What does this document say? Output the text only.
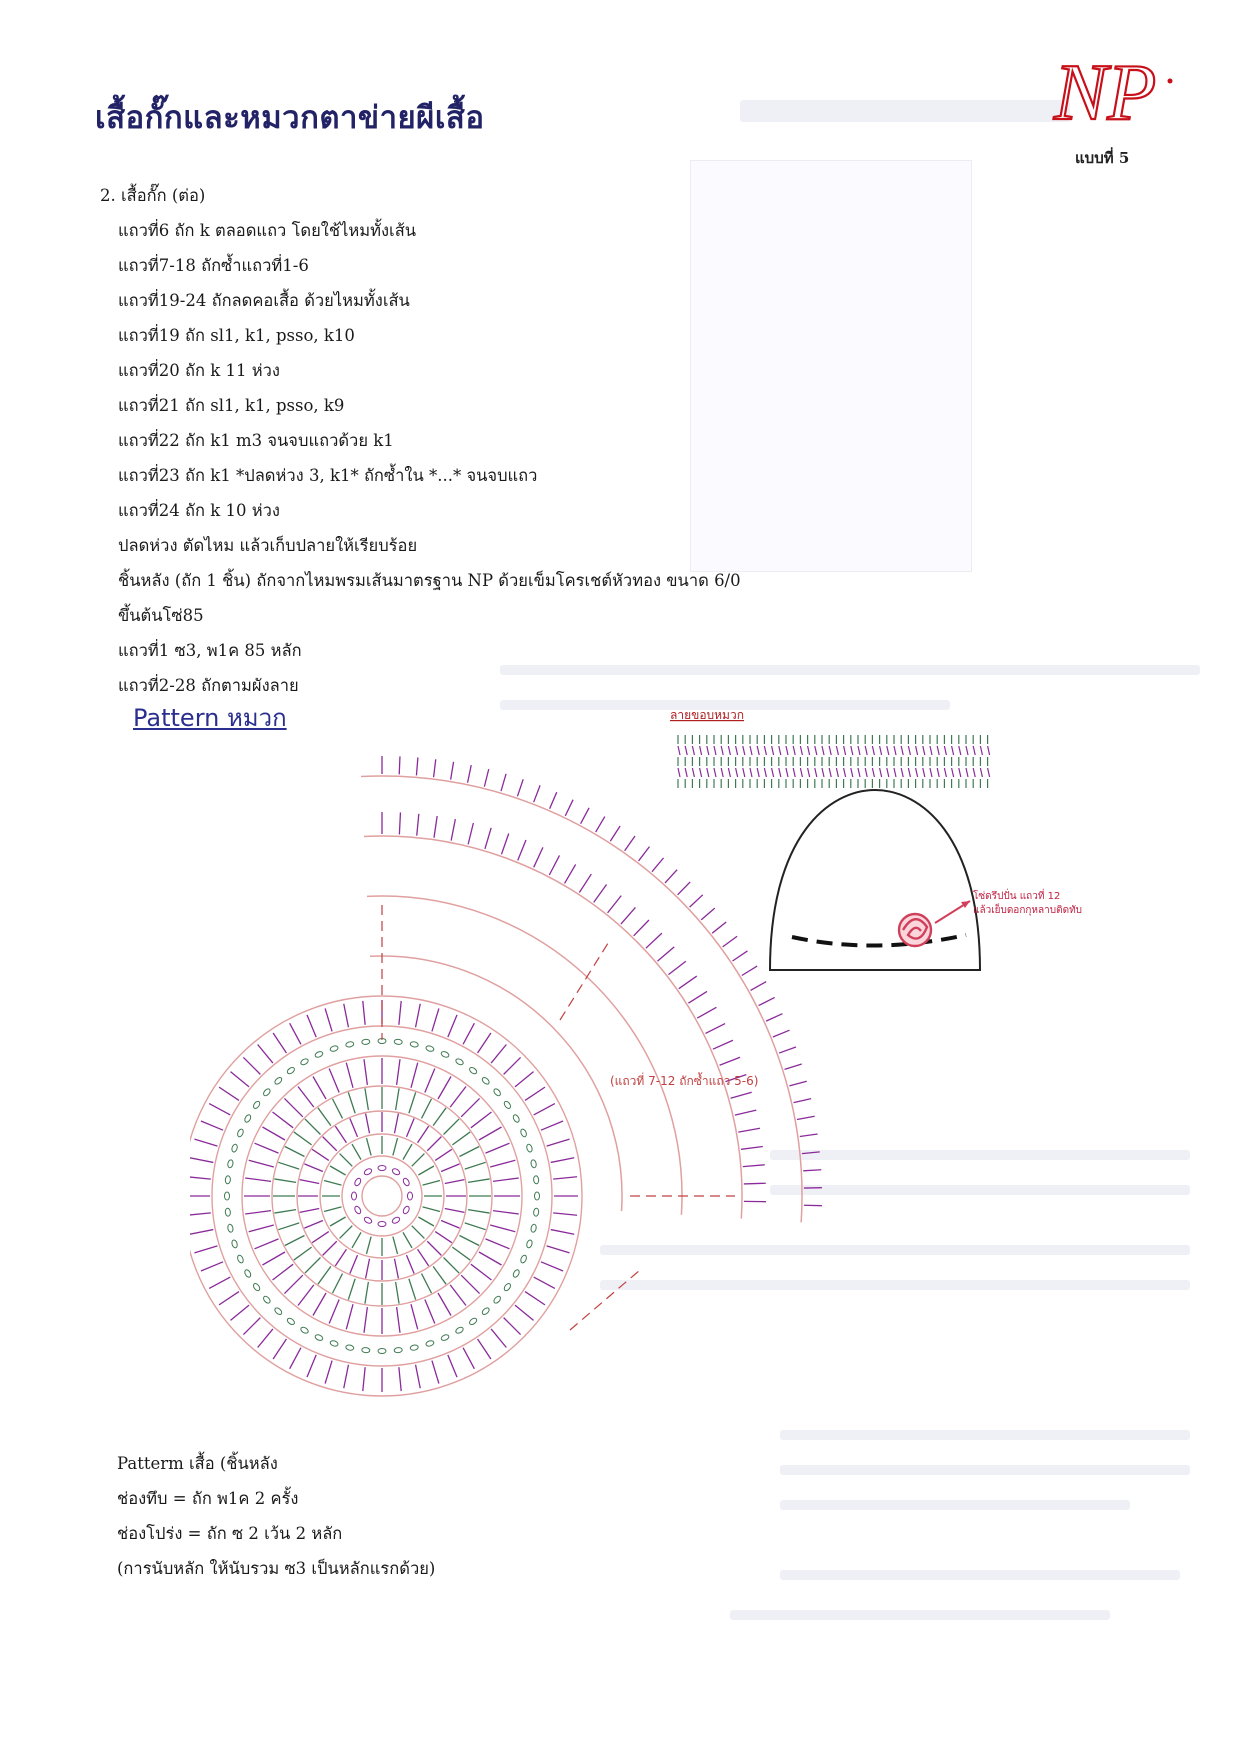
เสื้อกั๊กและหมวกตาข่ายผีเสื้อ	NP
แบบที่ 5
2. เสื้อกั๊ก (ต่อ)
แถวที่6 ถัก k ตลอดแถว โดยใช้ไหมทั้งเส้น
แถวที่7-18 ถักซ้ำแถวที่1-6
แถวที่19-24 ถักลดคอเสื้อ ด้วยไหมทั้งเส้น
แถวที่19 ถัก sl1, k1, psso, k10
แถวที่20 ถัก k 11 ห่วง
แถวที่21 ถัก sl1, k1, psso, k9
แถวที่22 ถัก k1 m3 จนจบแถวด้วย k1
แถวที่23 ถัก k1 *ปลดห่วง 3, k1* ถักซ้ำใน *...* จนจบแถว
แถวที่24 ถัก k 10 ห่วง
ปลดห่วง ตัดไหม แล้วเก็บปลายให้เรียบร้อย
ชิ้นหลัง (ถัก 1 ชิ้น) ถักจากไหมพรมเส้นมาตรฐาน NP ด้วยเข็มโครเชต์หัวทอง ขนาด 6/0
ขึ้นต้นโซ่85
แถวที่1 ซ3, พ1ค 85 หลัก
แถวที่2-28 ถักตามผังลาย
Pattern หมวก
(แถวที่ 7-12 ถักซ้ำแถว 5-6)
ลายขอบหมวก
โซ่ดรึปปั่น แถวที่ 12
แล้วเย็บดอกกุหลาบติดทับ
Patterm เสื้อ (ชิ้นหลัง
ช่องทึบ = ถัก พ1ค 2 ครั้ง
ช่องโปร่ง = ถัก ซ 2 เว้น 2 หลัก
(การนับหลัก ให้นับรวม ซ3 เป็นหลักแรกด้วย)
